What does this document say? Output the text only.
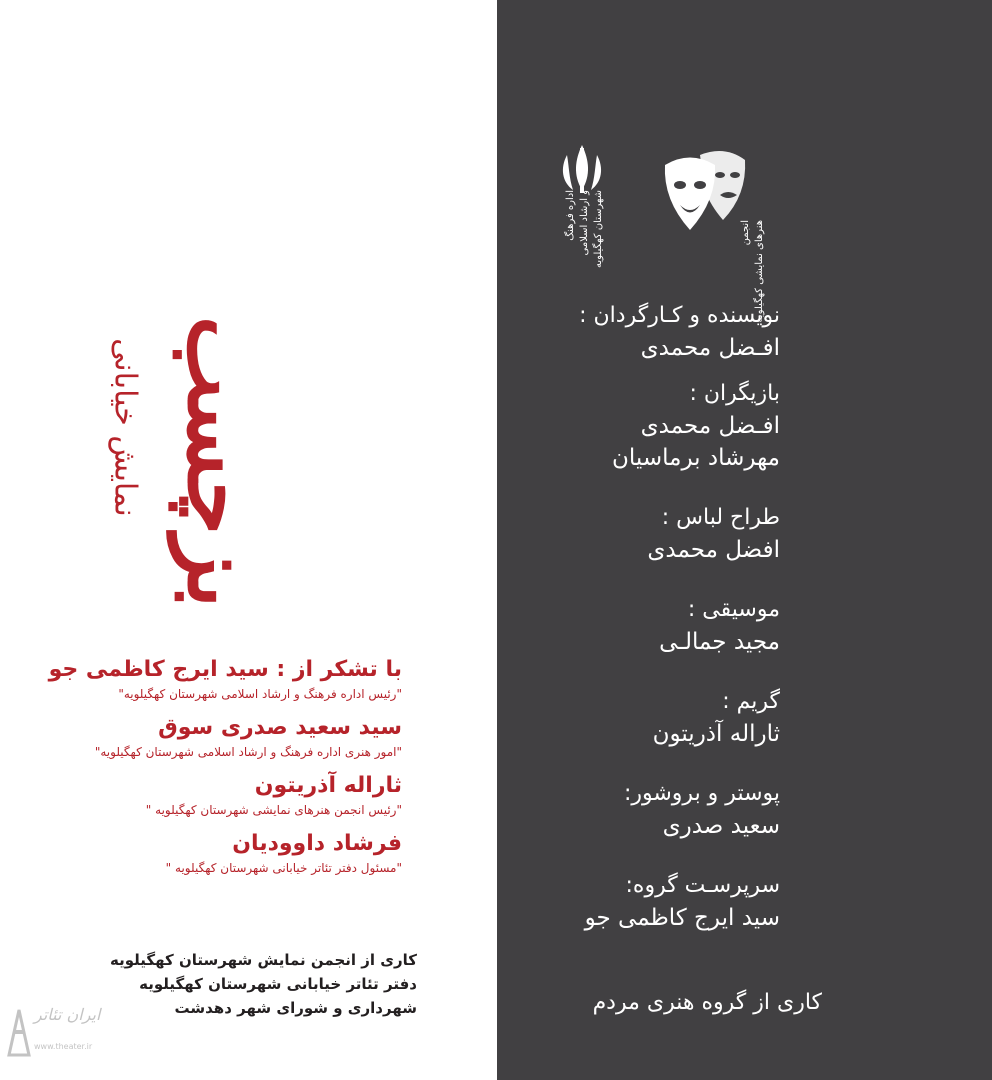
بزچسب
نمایش خیابانی
با تشکر از : سید ایرج کاظمی جو
"رئیس اداره فرهنگ و ارشاد اسلامی شهرستان کهگیلویه"
سید سعید صدری سوق
"امور هنری اداره فرهنگ و ارشاد اسلامی شهرستان کهگیلویه"
ثاراله آذریتون
"رئیس انجمن هنرهای نمایشی شهرستان کهگیلویه "
فرشاد داوودیان
"مسئول دفتر تئاتر خیابانی شهرستان کهگیلویه "
کاری از انجمن نمایش شهرستان کهگیلویه
دفتر تئاتر خیابانی شهرستان کهگیلویه
شهرداری و شورای شهر دهدشت
ایران تئاتر
www.theater.ir
اداره فرهنگ و ارشاد اسلامی شهرستان کهگیلویه	انجمن هنرهای نمایشی کهگیلویه
نویسنده و کـارگردان :
افـضل محمدی
بازیگران :
افـضل محمدی
مهرشاد برماسیان
طراح لباس :
افضل محمدی
موسیقی :
مجید جمالـی
گریم :
ثاراله آذریتون
پوستر و بروشور:
سعید صدری
سرپرسـت گروه:
سید ایرج کاظمی جو
کاری از گروه هنری مردم
